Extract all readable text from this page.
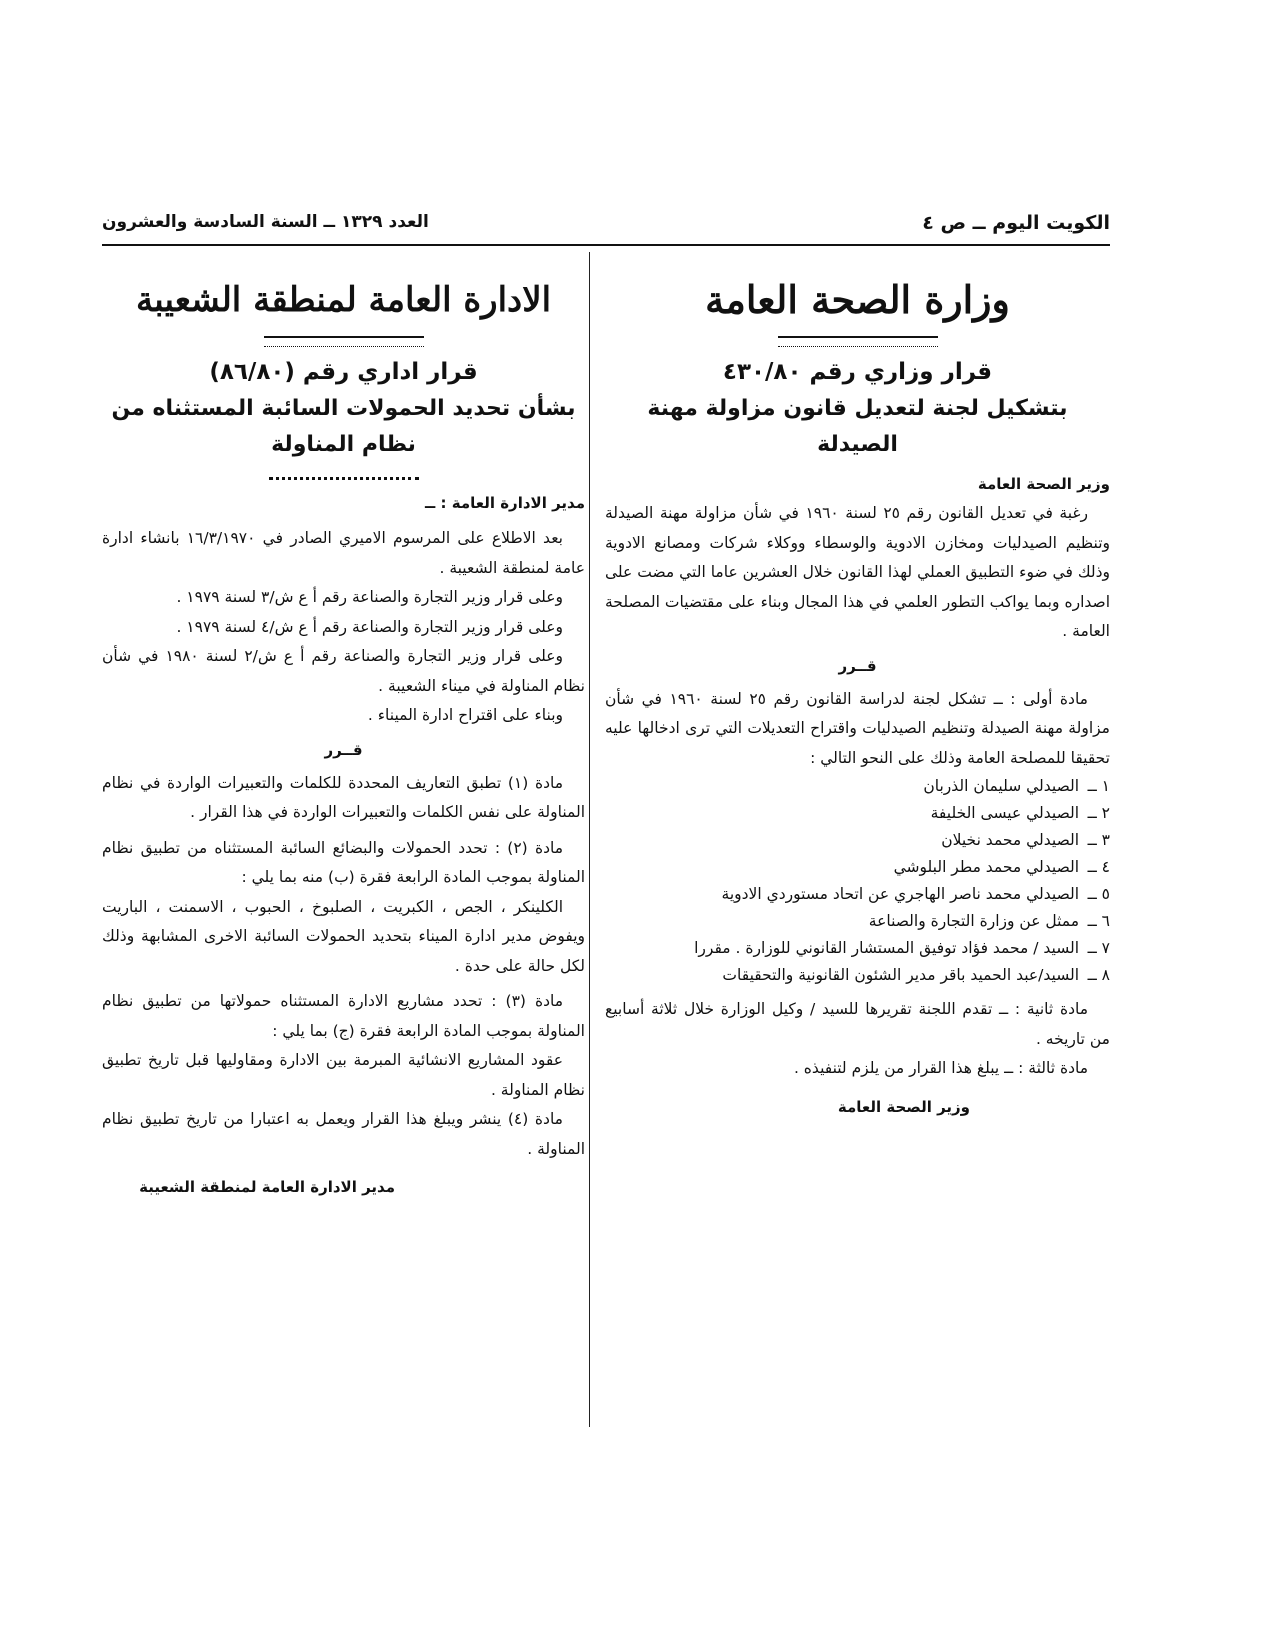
الكويت اليوم ــ ص ٤
العدد ١٣٢٩ ــ السنة السادسة والعشرون
وزارة الصحة العامة
قرار وزاري رقم ٤٣٠/٨٠
بتشكيل لجنة لتعديل قانون مزاولة مهنة
الصيدلة
وزير الصحة العامة

رغبة في تعديل القانون رقم ٢٥ لسنة ١٩٦٠ في شأن مزاولة مهنة الصيدلة وتنظيم الصيدليات ومخازن الادوية والوسطاء ووكلاء شركات ومصانع الادوية وذلك في ضوء التطبيق العملي لهذا القانون خلال العشرين عاما التي مضت على اصداره وبما يواكب التطور العلمي في هذا المجال وبناء على مقتضيات المصلحة العامة .

قــرر

مادة أولى : ــ تشكل لجنة لدراسة القانون رقم ٢٥ لسنة ١٩٦٠ في شأن مزاولة مهنة الصيدلة وتنظيم الصيدليات واقتراح التعديلات التي ترى ادخالها عليه تحقيقا للمصلحة العامة وذلك على النحو التالي :

١ ــ الصيدلي سليمان الذربان
٢ ــ الصيدلي عيسى الخليفة
٣ ــ الصيدلي محمد نخيلان
٤ ــ الصيدلي محمد مطر البلوشي
٥ ــ الصيدلي محمد ناصر الهاجري عن اتحاد مستوردي الادوية
٦ ــ ممثل عن وزارة التجارة والصناعة
٧ ــ السيد / محمد فؤاد توفيق المستشار القانوني للوزارة . مقررا
٨ ــ السيد/عبد الحميد باقر مدير الشئون القانونية والتحقيقات

مادة ثانية : ــ تقدم اللجنة تقريرها للسيد / وكيل الوزارة خلال ثلاثة أسابيع من تاريخه .

مادة ثالثة : ــ يبلغ هذا القرار من يلزم لتنفيذه .

وزير الصحة العامة
الادارة العامة لمنطقة الشعيبة
قرار اداري رقم (٨٦/٨٠)
بشأن تحديد الحمولات السائبة المستثناه من
نظام المناولة
مدير الادارة العامة : ــ

بعد الاطلاع على المرسوم الاميري الصادر في ١٦/٣/١٩٧٠ بانشاء ادارة عامة لمنطقة الشعيبة .

وعلى قرار وزير التجارة والصناعة رقم أ ع ش/٣ لسنة ١٩٧٩ .

وعلى قرار وزير التجارة والصناعة رقم أ ع ش/٤ لسنة ١٩٧٩ .

وعلى قرار وزير التجارة والصناعة رقم أ ع ش/٢ لسنة ١٩٨٠ في شأن نظام المناولة في ميناء الشعيبة .

وبناء على اقتراح ادارة الميناء .

قــرر

مادة (١) تطبق التعاريف المحددة للكلمات والتعبيرات الواردة في نظام المناولة على نفس الكلمات والتعبيرات الواردة في هذا القرار .

مادة (٢) : تحدد الحمولات والبضائع السائبة المستثناه من تطبيق نظام المناولة بموجب المادة الرابعة فقرة (ب) منه بما يلي :

الكلينكر ، الجص ، الكبريت ، الصلبوخ ، الحبوب ، الاسمنت ، الباريت ويفوض مدير ادارة الميناء بتحديد الحمولات السائبة الاخرى المشابهة وذلك لكل حالة على حدة .

مادة (٣) : تحدد مشاريع الادارة المستثناه حمولاتها من تطبيق نظام المناولة بموجب المادة الرابعة فقرة (ج) بما يلي :

عقود المشاريع الانشائية المبرمة بين الادارة ومقاوليها قبل تاريخ تطبيق نظام المناولة .

مادة (٤) ينشر ويبلغ هذا القرار ويعمل به اعتبارا من تاريخ تطبيق نظام المناولة .

مدير الادارة العامة لمنطقة الشعيبة
